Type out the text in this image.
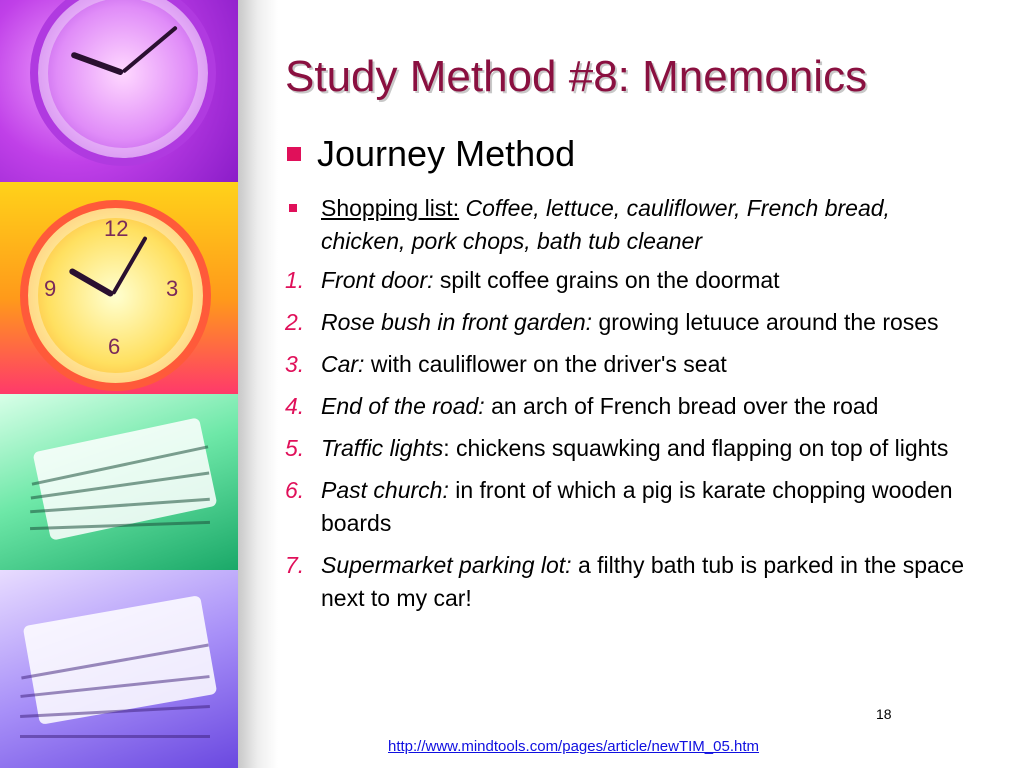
12
3
6
9
Study Method #8: Mnemonics
Journey Method
Shopping list: Coffee, lettuce, cauliflower, French bread, chicken, pork chops, bath tub cleaner
1. Front door: spilt coffee grains on the doormat
2. Rose bush in front garden: growing letuuce around the roses
3. Car: with cauliflower on the driver's seat
4. End of the road: an arch of French bread over the road
5. Traffic lights: chickens squawking and flapping on top of lights
6. Past church: in front of which a pig is karate chopping wooden boards
7. Supermarket parking lot: a filthy bath tub is parked in the space next to my car!
18
http://www.mindtools.com/pages/article/newTIM_05.htm
